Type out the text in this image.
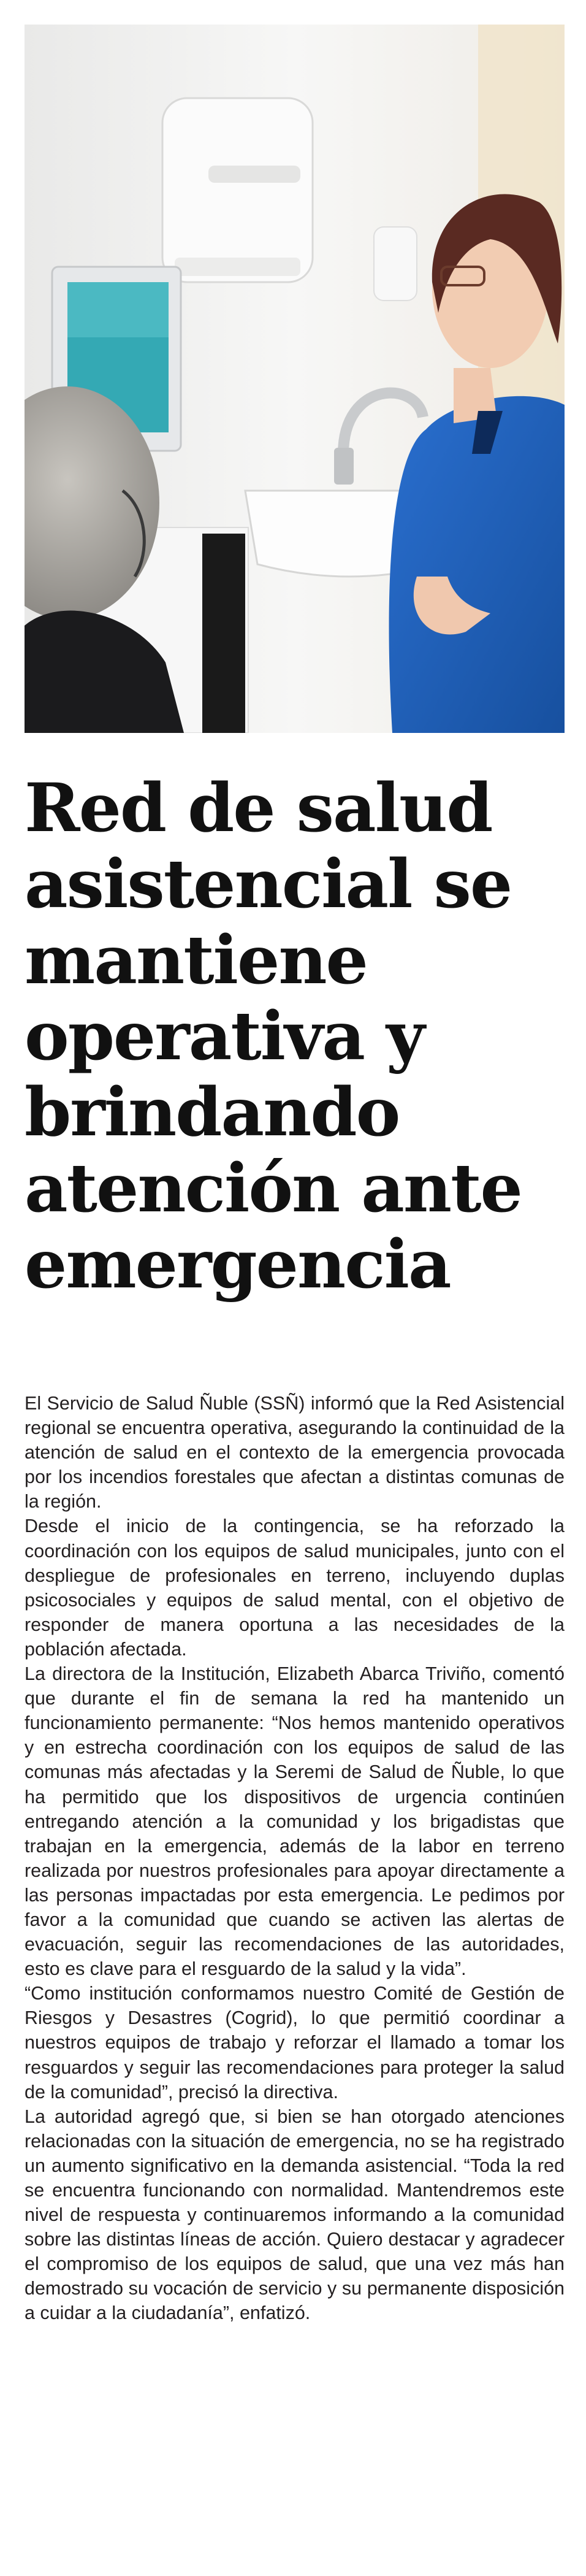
Red de salud asistencial se mantiene operativa y brindando atención ante emergencia

El Servicio de Salud Ñuble (SSÑ) informó que la Red Asistencial regional se encuentra operativa, asegurando la continuidad de la atención de salud en el contexto de la emergencia provocada por los incendios forestales que afectan a distintas comunas de la región.

Desde el inicio de la contingencia, se ha reforzado la coordinación con los equipos de salud municipales, junto con el despliegue de profesionales en terreno, incluyendo duplas psicosociales y equipos de salud mental, con el objetivo de responder de manera oportuna a las necesidades de la población afectada.

La directora de la Institución, Elizabeth Abarca Triviño, comentó que durante el fin de semana la red ha mantenido un funcionamiento permanente: “Nos hemos mantenido operativos y en estrecha coordinación con los equipos de salud de las comunas más afectadas y la Seremi de Salud de Ñuble, lo que ha permitido que los dispositivos de urgencia continúen entregando atención a la comunidad y los brigadistas que trabajan en la emergencia, además de la labor en terreno realizada por nuestros profesionales para apoyar directamente a las personas impactadas por esta emergencia. Le pedimos por favor a la comunidad que cuando se activen las alertas de evacuación, seguir las recomendaciones de las autoridades, esto es clave para el resguardo de la salud y la vida”.

“Como institución conformamos nuestro Comité de Gestión de Riesgos y Desastres (Cogrid), lo que permitió coordinar a nuestros equipos de trabajo y reforzar el llamado a tomar los resguardos y seguir las recomendaciones para proteger la salud de la comunidad”, precisó la directiva.

La autoridad agregó que, si bien se han otorgado atenciones relacionadas con la situación de emergencia, no se ha registrado un aumento significativo en la demanda asistencial. “Toda la red se encuentra funcionando con normalidad. Mantendremos este nivel de respuesta y continuaremos informando a la comunidad sobre las distintas líneas de acción. Quiero destacar y agradecer el compromiso de los equipos de salud, que una vez más han demostrado su vocación de servicio y su permanente disposición a cuidar a la ciudadanía”, enfatizó.
